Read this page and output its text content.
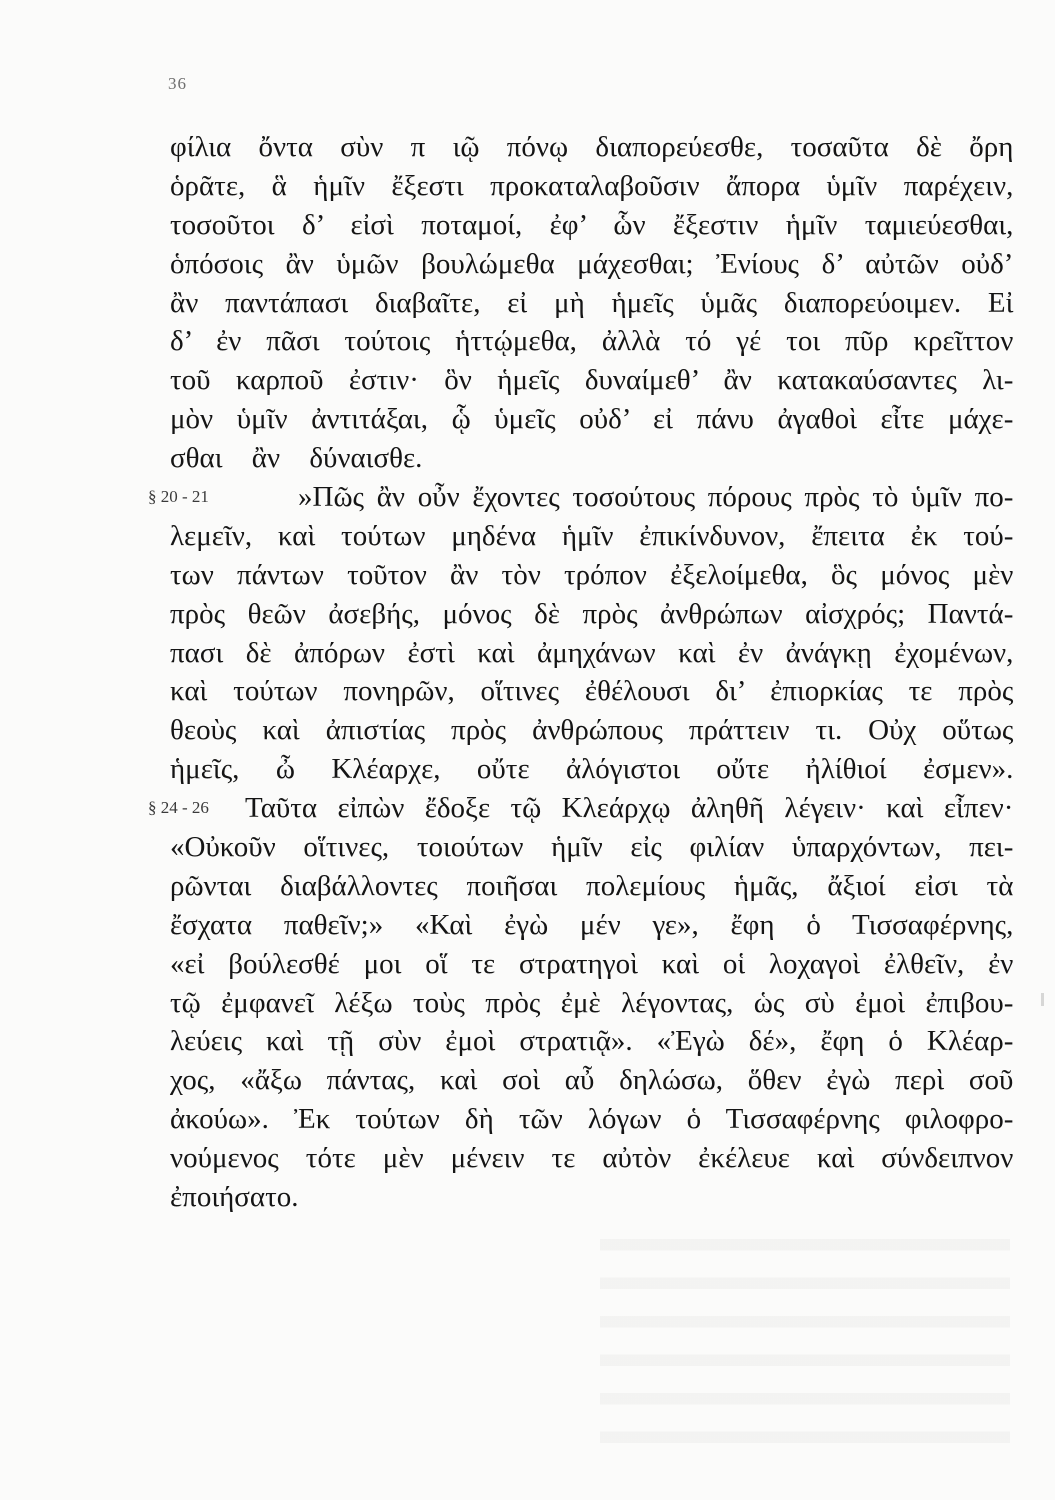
36
φίλια ὄντα σὺν π ιῷ πόνῳ διαπορεύεσθε, τοσαῦτα δὲ ὄρη
ὁρᾶτε, ἃ ἡμῖν ἔξεστι προκαταλαβοῦσιν ἄπορα ὑμῖν παρέχειν,
τοσοῦτοι δ’ εἰσὶ ποταμοί, ἐφ’ ὧν ἔξεστιν ἡμῖν ταμιεύεσθαι,
ὁπόσοις ἂν ὑμῶν βουλώμεθα μάχεσθαι; Ἐνίους δ’ αὐτῶν οὐδ’
ἂν παντάπασι διαβαῖτε, εἰ μὴ ἡμεῖς ὑμᾶς διαπορεύοιμεν. Εἰ
δ’ ἐν πᾶσι τούτοις ἡττῴμεθα, ἀλλὰ τό γέ τοι πῦρ κρεῖττον
τοῦ καρποῦ ἐστιν· ὃν ἡμεῖς δυναίμεθ’ ἂν κατακαύσαντες λι-
μὸν ὑμῖν ἀντιτάξαι, ᾧ ὑμεῖς οὐδ’ εἰ πάνυ ἀγαθοὶ εἶτε μάχε-
σθαι ἂν δύναισθε.
§ 20 - 21	»Πῶς ἂν οὖν ἔχοντες τοσούτους πόρους πρὸς τὸ ὑμῖν πο-
λεμεῖν, καὶ τούτων μηδένα ἡμῖν ἐπικίνδυνον, ἔπειτα ἐκ τού-
των πάντων τοῦτον ἂν τὸν τρόπον ἐξελοίμεθα, ὃς μόνος μὲν
πρὸς θεῶν ἀσεβής, μόνος δὲ πρὸς ἀνθρώπων αἰσχρός; Παντά-
πασι δὲ ἀπόρων ἐστὶ καὶ ἀμηχάνων καὶ ἐν ἀνάγκῃ ἐχομένων,
καὶ τούτων πονηρῶν, οἵτινες ἐθέλουσι δι’ ἐπιορκίας τε πρὸς
θεοὺς καὶ ἀπιστίας πρὸς ἀνθρώπους πράττειν τι. Οὐχ οὕτως
ἡμεῖς, ὦ Κλέαρχε, οὔτε ἀλόγιστοι οὔτε ἠλίθιοί ἐσμεν».
§ 24 - 26 Ταῦτα εἰπὼν ἔδοξε τῷ Κλεάρχῳ ἀληθῆ λέγειν· καὶ εἶπεν·
«Οὐκοῦν οἵτινες, τοιούτων ἡμῖν εἰς φιλίαν ὑπαρχόντων, πει-
ρῶνται διαβάλλοντες ποιῆσαι πολεμίους ἡμᾶς, ἄξιοί εἰσι τὰ
ἔσχατα παθεῖν;» «Καὶ ἐγὼ μέν γε», ἔφη ὁ Τισσαφέρνης,
«εἰ βούλεσθέ μοι οἵ τε στρατηγοὶ καὶ οἱ λοχαγοὶ ἐλθεῖν, ἐν
τῷ ἐμφανεῖ λέξω τοὺς πρὸς ἐμὲ λέγοντας, ὡς σὺ ἐμοὶ ἐπιβου-
λεύεις καὶ τῇ σὺν ἐμοὶ στρατιᾷ». «Ἐγὼ δέ», ἔφη ὁ Κλέαρ-
χος, «ἄξω πάντας, καὶ σοὶ αὖ δηλώσω, ὅθεν ἐγὼ περὶ σοῦ
ἀκούω». Ἐκ τούτων δὴ τῶν λόγων ὁ Τισσαφέρνης φιλοφρο-
νούμενος τότε μὲν μένειν τε αὐτὸν ἐκέλευε καὶ σύνδειπνον
ἐποιήσατο.
